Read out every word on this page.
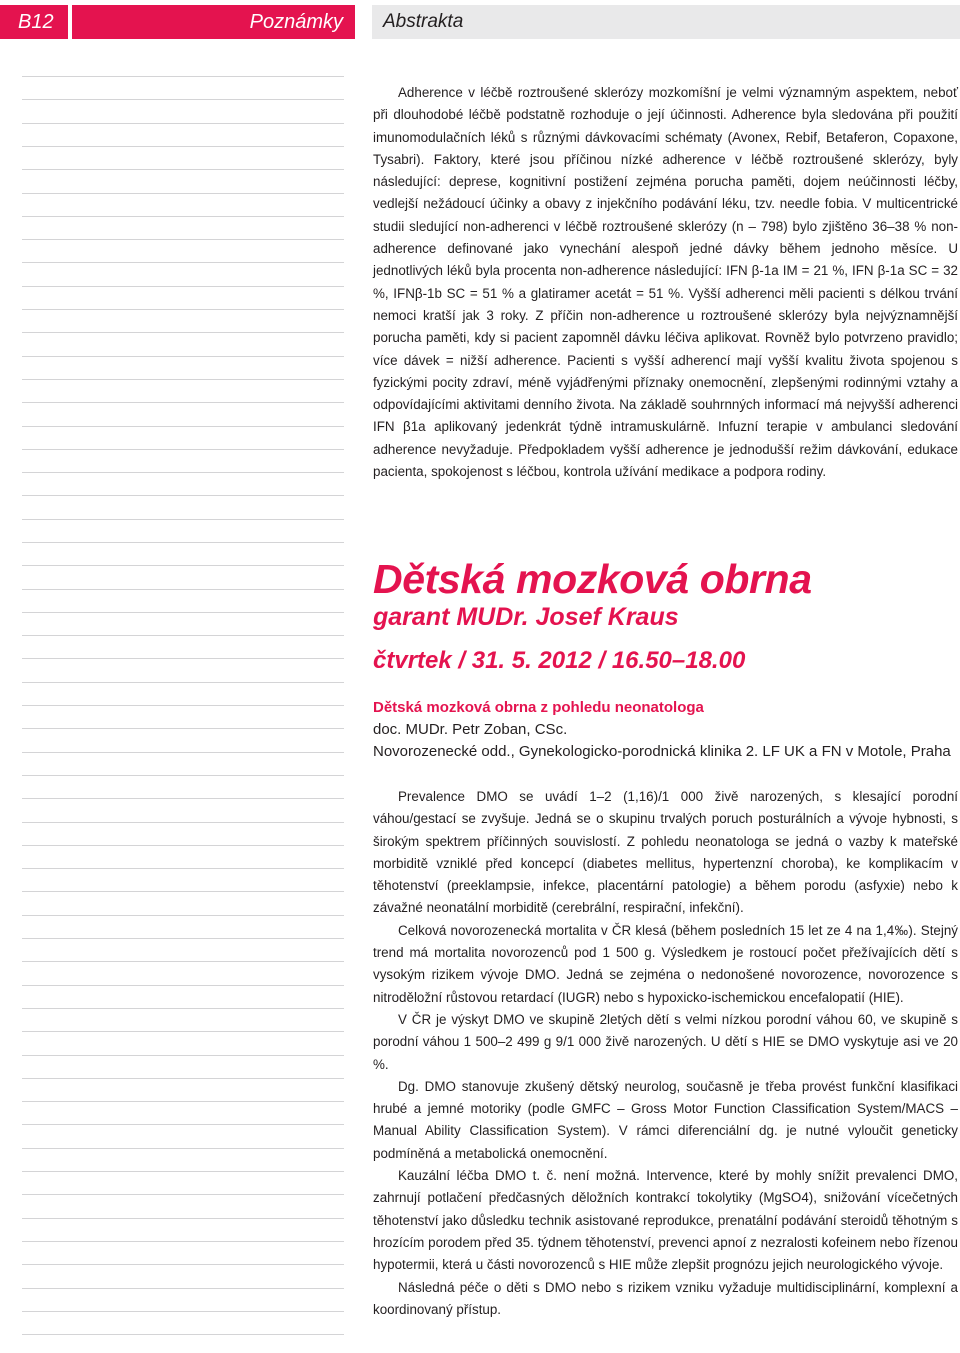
B12	Poznámky	Abstrakta

Adherence v léčbě roztroušené sklerózy mozkomíšní je velmi významným aspektem, neboť při dlouhodobé léčbě podstatně rozhoduje o její účinnosti. Adherence byla sledována při použití imunomodulačních léků s různými dávkovacími schématy (Avonex, Rebif, Betaferon, Copaxone, Tysabri). Faktory, které jsou příčinou nízké adherence v léčbě roztroušené sklerózy, byly následující: deprese, kognitivní postižení zejména porucha paměti, dojem neúčinnosti léčby, vedlejší nežádoucí účinky a obavy z injekčního podávání léku, tzv. needle fobia. V multicentrické studii sledující non-adherenci v léčbě roztroušené sklerózy (n – 798) bylo zjištěno 36–38 % non-adherence definované jako vynechání alespoň jedné dávky během jednoho měsíce. U jednotlivých léků byla procenta non-adherence následující: IFN β-1a IM = 21 %, IFN β-1a SC = 32 %, IFNβ-1b SC = 51 % a glatiramer acetát = 51 %. Vyšší adherenci měli pacienti s délkou trvání nemoci kratší jak 3 roky. Z příčin non-adherence u roztroušené sklerózy byla nejvýznamnější porucha paměti, kdy si pacient zapomněl dávku léčiva aplikovat. Rovněž bylo potvrzeno pravidlo; více dávek = nižší adherence. Pacienti s vyšší adherencí mají vyšší kvalitu života spojenou s fyzickými pocity zdraví, méně vyjádřenými příznaky onemocnění, zlepšenými rodinnými vztahy a odpovídajícími aktivitami denního života. Na základě souhrnných informací má nejvyšší adherenci IFN β1a aplikovaný jedenkrát týdně intramuskulárně. Infuzní terapie v ambulanci sledování adherence nevyžaduje. Předpokladem vyšší adherence je jednodušší režim dávkování, edukace pacienta, spokojenost s léčbou, kontrola užívání medikace a podpora rodiny.

Dětská mozková obrna
garant MUDr. Josef Kraus
čtvrtek / 31. 5. 2012 / 16.50–18.00
Dětská mozková obrna z pohledu neonatologa

doc. MUDr. Petr Zoban, CSc.

Novorozenecké odd., Gynekologicko-porodnická klinika 2. LF UK a FN v Motole, Praha

Prevalence DMO se uvádí 1–2 (1,16)/1 000 živě narozených, s klesající porodní váhou/gestací se zvyšuje. Jedná se o skupinu trvalých poruch posturálních a vývoje hybnosti, s širokým spektrem příčinných souvislostí. Z pohledu neonatologa se jedná o vazby k mateřské morbiditě vzniklé před koncepcí (diabetes mellitus, hypertenzní choroba), ke komplikacím v těhotenství (preeklampsie, infekce, placentární patologie) a během porodu (asfyxie) nebo k závažné neonatální morbiditě (cerebrální, respirační, infekční).

Celková novorozenecká mortalita v ČR klesá (během posledních 15 let ze 4 na 1,4‰). Stejný trend má mortalita novorozenců pod 1 500 g. Výsledkem je rostoucí počet přežívajících dětí s vysokým rizikem vývoje DMO. Jedná se zejména o nedonošené novorozence, novorozence s nitroděložní růstovou retardací (IUGR) nebo s hypoxicko-ischemickou encefalopatií (HIE).

V ČR je výskyt DMO ve skupině 2letých dětí s velmi nízkou porodní váhou 60, ve skupině s porodní váhou 1 500–2 499 g 9/1 000 živě narozených. U dětí s HIE se DMO vyskytuje asi ve 20 %.

Dg. DMO stanovuje zkušený dětský neurolog, současně je třeba provést funkční klasifikaci hrubé a jemné motoriky (podle GMFC – Gross Motor Function Classification System/MACS – Manual Ability Classification System). V rámci diferenciální dg. je nutné vyloučit geneticky podmíněná a metabolická onemocnění.

Kauzální léčba DMO t. č. není možná. Intervence, které by mohly snížit prevalenci DMO, zahrnují potlačení předčasných děložních kontrakcí tokolytiky (MgSO4), snižování vícečetných těhotenství jako důsledku technik asistované reprodukce, prenatální podávání steroidů těhotným s hrozícím porodem před 35. týdnem těhotenství, prevenci apnoí z nezralosti kofeinem nebo řízenou hypotermii, která u části novorozenců s HIE může zlepšit prognózu jejich neurologického vývoje.

Následná péče o děti s DMO nebo s rizikem vzniku vyžaduje multidisciplinární, komplexní a koordinovaný přístup.
